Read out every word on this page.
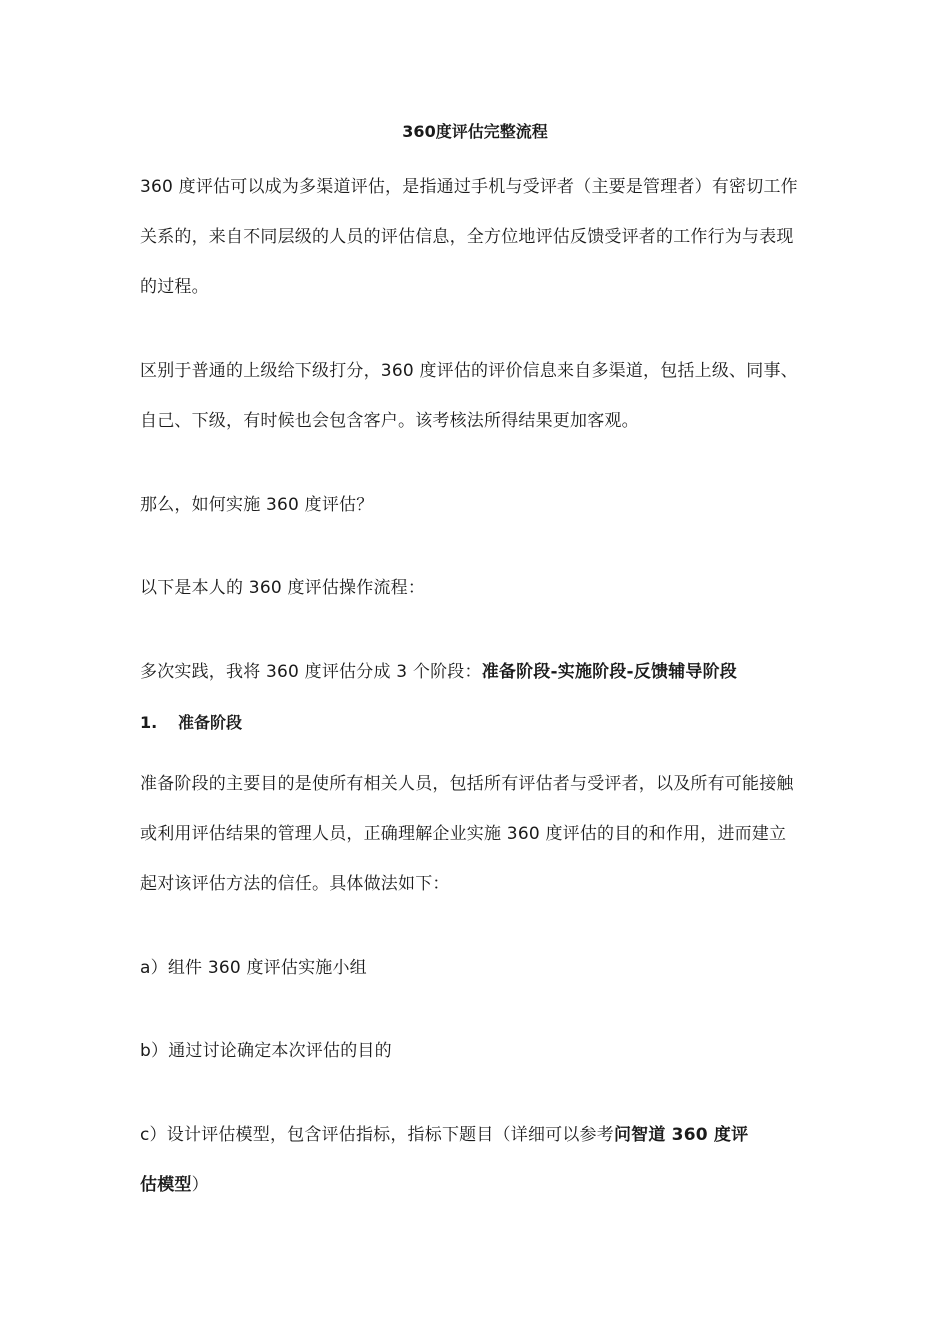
360度评估完整流程
360 度评估可以成为多渠道评估，是指通过手机与受评者（主要是管理者）有密切工作关系的，来自不同层级的人员的评估信息，全方位地评估反馈受评者的工作行为与表现的过程。
区别于普通的上级给下级打分，360 度评估的评价信息来自多渠道，包括上级、同事、自己、下级，有时候也会包含客户。该考核法所得结果更加客观。
那么，如何实施 360 度评估？
以下是本人的 360 度评估操作流程：
多次实践，我将 360 度评估分成 3 个阶段：准备阶段-实施阶段-反馈辅导阶段
1. 准备阶段
准备阶段的主要目的是使所有相关人员，包括所有评估者与受评者，以及所有可能接触或利用评估结果的管理人员，正确理解企业实施 360 度评估的目的和作用，进而建立起对该评估方法的信任。具体做法如下：
a）组件 360 度评估实施小组
b）通过讨论确定本次评估的目的
c）设计评估模型，包含评估指标，指标下题目（详细可以参考问智道 360 度评估模型）
